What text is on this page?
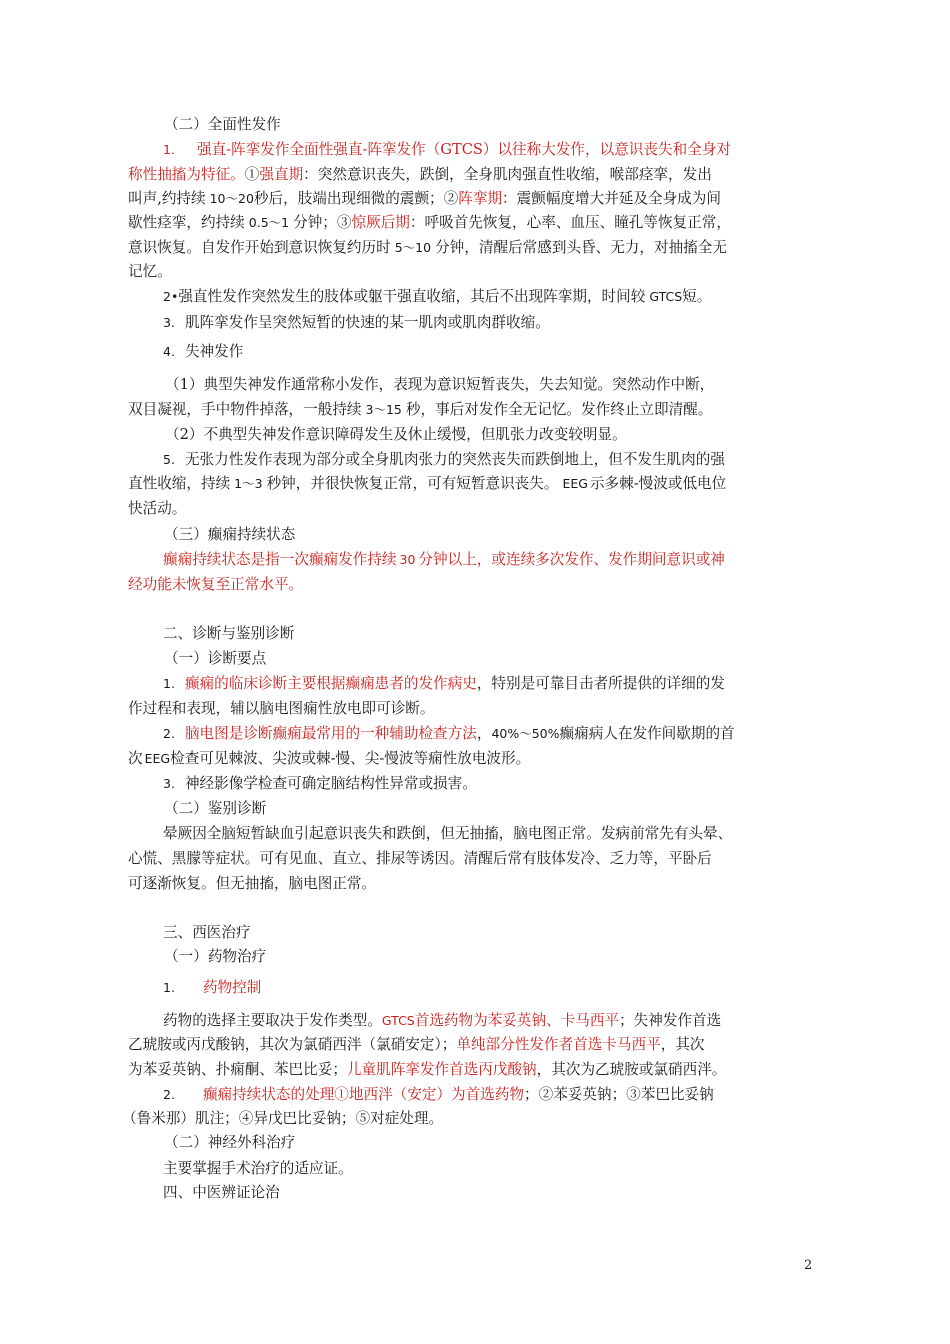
（二）全面性发作
1. 强直-阵挛发作全面性强直-阵挛发作（GTCS）以往称大发作，以意识丧失和全身对
称性抽搐为特征。①强直期：突然意识丧失，跌倒，全身肌肉强直性收缩，喉部痉挛，发出
叫声,约持续 10〜20秒后，肢端出现细微的震颤；②阵挛期：震颤幅度增大并延及全身成为间
歇性痉挛，约持续 0.5〜1 分钟；③惊厥后期：呼吸首先恢复，心率、血压、瞳孔等恢复正常，
意识恢复。自发作开始到意识恢复约历时 5〜10 分钟，清醒后常感到头昏、无力，对抽搐全无
记忆。
2•强直性发作突然发生的肢体或躯干强直收缩，其后不出现阵挛期，时间较 GTCS短。
3. 肌阵挛发作呈突然短暂的快速的某一肌肉或肌肉群收缩。
4. 失神发作
（1）典型失神发作通常称小发作，表现为意识短暂丧失，失去知觉。突然动作中断，
双目凝视，手中物件掉落，一般持续 3〜15 秒，事后对发作全无记忆。发作终止立即清醒。
（2）不典型失神发作意识障碍发生及休止缓慢，但肌张力改变较明显。
5. 无张力性发作表现为部分或全身肌肉张力的突然丧失而跌倒地上，但不发生肌肉的强
直性收缩，持续 1〜3 秒钟，并很快恢复正常，可有短暂意识丧失。 EEG 示多棘-慢波或低电位
快活动。
（三）癫痫持续状态
癫痫持续状态是指一次癫痫发作持续 30 分钟以上，或连续多次发作、发作期间意识或神
经功能未恢复至正常水平。
二、诊断与鉴别诊断
（一）诊断要点
1. 癫痫的临床诊断主要根据癫痫患者的发作病史，特别是可靠目击者所提供的详细的发
作过程和表现，辅以脑电图痫性放电即可诊断。
2. 脑电图是诊断癫痫最常用的一种辅助检查方法，40%〜50%癫痫病人在发作间歇期的首
次 EEG检查可见棘波、尖波或棘-慢、尖-慢波等痫性放电波形。
3. 神经影像学检查可确定脑结构性异常或损害。
（二）鉴别诊断
晕厥因全脑短暂缺血引起意识丧失和跌倒，但无抽搐，脑电图正常。发病前常先有头晕、
心慌、黑朦等症状。可有见血、直立、排尿等诱因。清醒后常有肢体发冷、乏力等，平卧后
可逐渐恢复。但无抽搐，脑电图正常。
三、西医治疗
（一）药物治疗
1. 药物控制
药物的选择主要取决于发作类型。GTCS首选药物为苯妥英钠、卡马西平；失神发作首选
乙琥胺或丙戊酸钠，其次为氯硝西泮（氯硝安定）；单纯部分性发作者首选卡马西平，其次
为苯妥英钠、扑痫酮、苯巴比妥；儿童肌阵挛发作首选丙戊酸钠，其次为乙琥胺或氯硝西泮。
2. 癫痫持续状态的处理①地西泮（安定）为首选药物；②苯妥英钠；③苯巴比妥钠
（鲁米那）肌注；④异戊巴比妥钠；⑤对症处理。
（二）神经外科治疗
主要掌握手术治疗的适应证。
四、中医辨证论治
2
